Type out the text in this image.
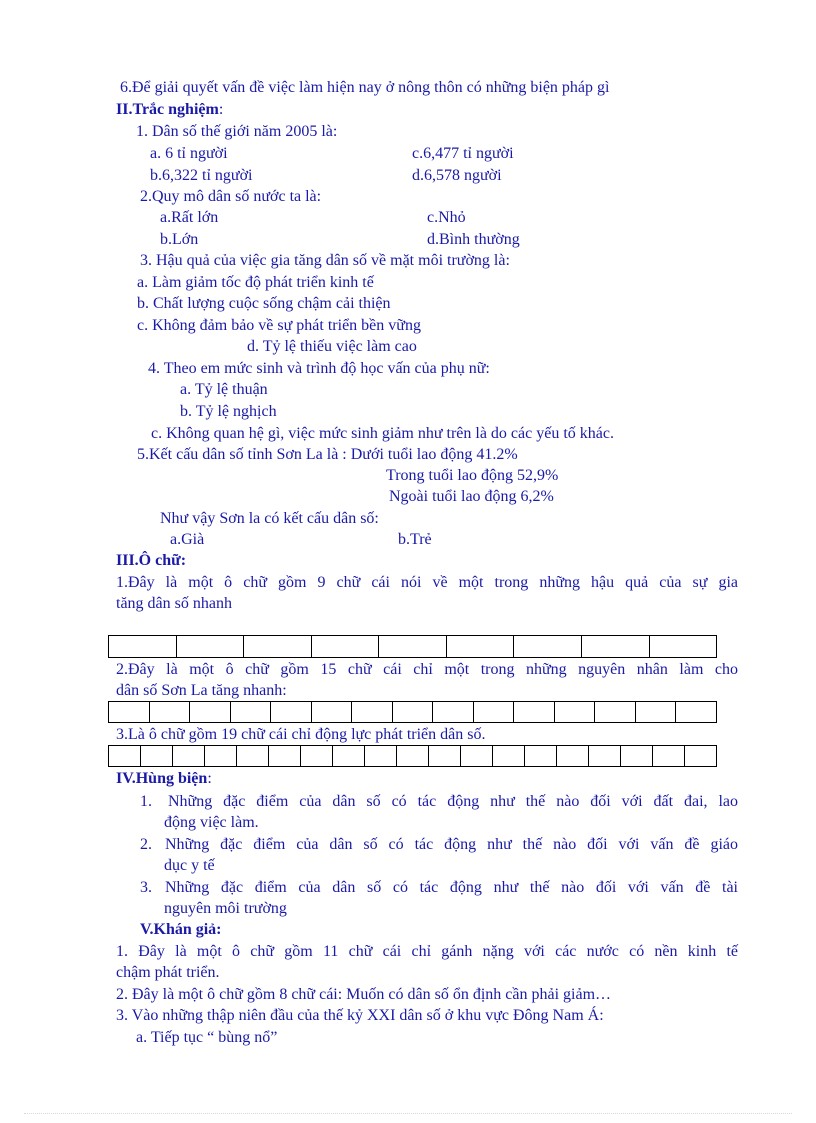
6.Để giải quyết vấn đề việc làm hiện nay ở nông thôn có những biện pháp gì
II.Trắc nghiệm:
1. Dân số thế giới năm 2005 là:
a. 6 tỉ người	c.6,477 tỉ người
b.6,322 tỉ người	d.6,578 người
2.Quy mô dân số nước ta là:
a.Rất lớn	c.Nhỏ
b.Lớn	d.Bình thường
3. Hậu quả của việc gia tăng dân số về mặt môi trường là:
a. Làm giảm tốc độ phát triển kinh tế
b. Chất lượng cuộc sống chậm cải thiện
c. Không đảm bảo về sự phát triển bền vững
d. Tỷ lệ thiếu việc làm cao
4. Theo em mức sinh và trình độ học vấn của phụ nữ:
a. Tỷ lệ thuận
b. Tỷ lệ nghịch
c. Không quan hệ gì, việc mức sinh giảm như trên là do các yếu tố khác.
5.Kết cấu dân số tỉnh Sơn La là : Dưới tuổi lao động 41.2%
Trong tuổi lao động 52,9%
Ngoài tuổi lao động 6,2%
Như vậy Sơn la có kết cấu dân số:
a.Già	b.Trẻ
III.Ô chữ:
1.Đây là một ô chữ gồm 9 chữ cái nói về một trong những hậu quả của sự gia
tăng dân số nhanh
2.Đây là một ô chữ gồm 15 chữ cái chỉ một trong những nguyên nhân làm cho
dân số Sơn La tăng nhanh:
3.Là ô chữ gồm 19 chữ cái chỉ động lực phát triển dân số.
IV.Hùng biện:
1. Những đặc điểm của dân số có tác động như thế nào đối với đất đai, lao
động việc làm.
2. Những đặc điểm của dân số có tác động như thế nào đối với vấn đề giáo
dục y tế
3. Những đặc điểm của dân số có tác động như thế nào đối với vấn đề tài
nguyên môi trường
V.Khán giả:
1. Đây là một ô chữ gồm 11 chữ cái chỉ gánh nặng với các nước có nền kinh tế
chậm phát triển.
2. Đây là một ô chữ gồm 8 chữ cái: Muốn có dân số ổn định cần phải giảm…
3. Vào những thập niên đầu của thế kỷ XXI dân số ở khu vực Đông Nam Á:
a. Tiếp tục “ bùng nổ”
